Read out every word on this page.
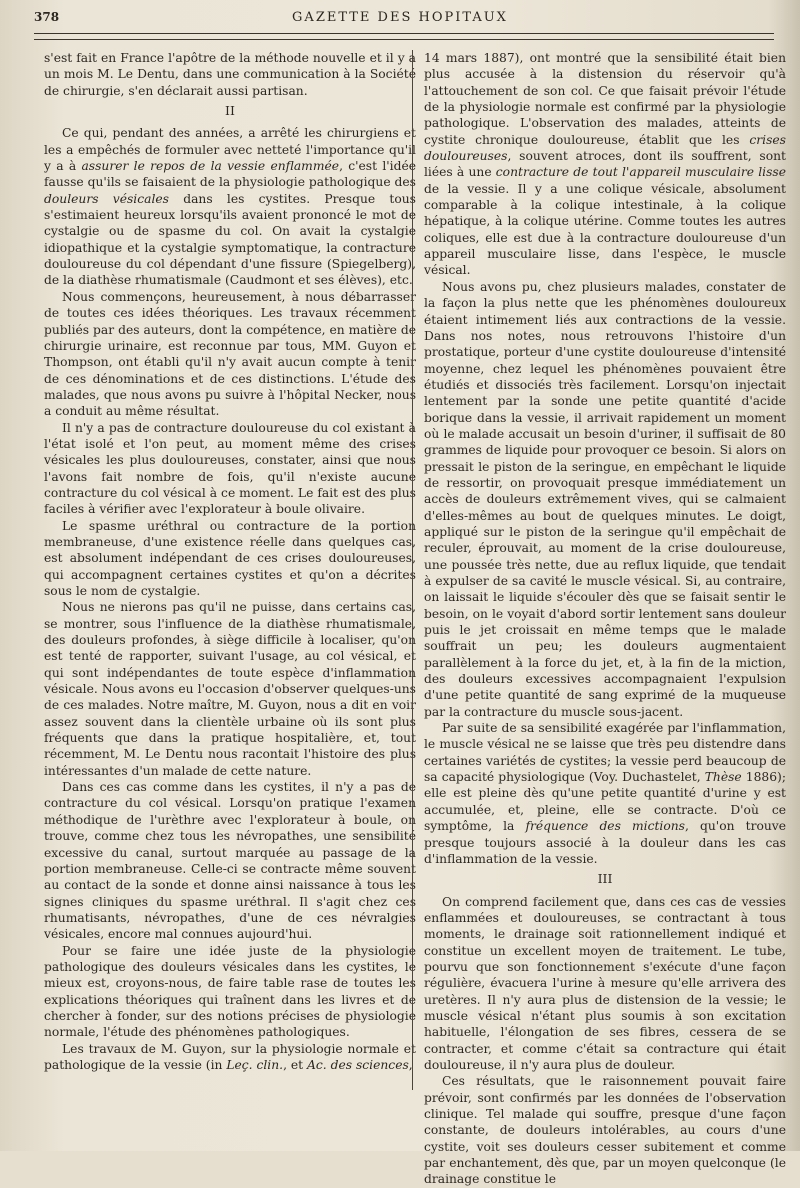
378	GAZETTE DES HOPITAUX

s'est fait en France l'apôtre de la méthode nouvelle et il y a un mois M. Le Dentu, dans une communication à la Société de chirurgie, s'en déclarait aussi partisan.

II

Ce qui, pendant des années, a arrêté les chirurgiens et les a empêchés de formuler avec netteté l'importance qu'il y a à assurer le repos de la vessie enflammée, c'est l'idée fausse qu'ils se faisaient de la physiologie pathologique des douleurs vésicales dans les cystites. Presque tous s'estimaient heureux lorsqu'ils avaient prononcé le mot de cystalgie ou de spasme du col. On avait la cystalgie idiopathique et la cystalgie symptomatique, la contracture douloureuse du col dépendant d'une fissure (Spiegelberg), de la diathèse rhumatismale (Caudmont et ses élèves), etc.

Nous commençons, heureusement, à nous débarrasser de toutes ces idées théoriques. Les travaux récemment publiés par des auteurs, dont la compétence, en matière de chirurgie urinaire, est reconnue par tous, MM. Guyon et Thompson, ont établi qu'il n'y avait aucun compte à tenir de ces dénominations et de ces distinctions. L'étude des malades, que nous avons pu suivre à l'hôpital Necker, nous a conduit au même résultat.

Il n'y a pas de contracture douloureuse du col existant à l'état isolé et l'on peut, au moment même des crises vésicales les plus douloureuses, constater, ainsi que nous l'avons fait nombre de fois, qu'il n'existe aucune contracture du col vésical à ce moment. Le fait est des plus faciles à vérifier avec l'explorateur à boule olivaire.

Le spasme uréthral ou contracture de la portion membraneuse, d'une existence réelle dans quelques cas, est absolument indépendant de ces crises douloureuses, qui accompagnent certaines cystites et qu'on a décrites sous le nom de cystalgie.

Nous ne nierons pas qu'il ne puisse, dans certains cas, se montrer, sous l'influence de la diathèse rhumatismale, des douleurs profondes, à siège difficile à localiser, qu'on est tenté de rapporter, suivant l'usage, au col vésical, et qui sont indépendantes de toute espèce d'inflammation vésicale. Nous avons eu l'occasion d'observer quelques-uns de ces malades. Notre maître, M. Guyon, nous a dit en voir assez souvent dans la clientèle urbaine où ils sont plus fréquents que dans la pratique hospitalière, et, tout récemment, M. Le Dentu nous racontait l'histoire des plus intéressantes d'un malade de cette nature.

Dans ces cas comme dans les cystites, il n'y a pas de contracture du col vésical. Lorsqu'on pratique l'examen méthodique de l'urèthre avec l'explorateur à boule, on trouve, comme chez tous les névropathes, une sensibilité excessive du canal, surtout marquée au passage de la portion membraneuse. Celle-ci se contracte même souvent au contact de la sonde et donne ainsi naissance à tous les signes cliniques du spasme uréthral. Il s'agit chez ces rhumatisants, névropathes, d'une de ces névralgies vésicales, encore mal connues aujourd'hui.

Pour se faire une idée juste de la physiologie pathologique des douleurs vésicales dans les cystites, le mieux est, croyons-nous, de faire table rase de toutes les explications théoriques qui traînent dans les livres et de chercher à fonder, sur des notions précises de physiologie normale, l'étude des phénomènes pathologiques.

Les travaux de M. Guyon, sur la physiologie normale et pathologique de la vessie (in Leç. clin., et Ac. des sciences,

14 mars 1887), ont montré que la sensibilité était bien plus accusée à la distension du réservoir qu'à l'attouchement de son col. Ce que faisait prévoir l'étude de la physiologie normale est confirmé par la physiologie pathologique. L'observation des malades, atteints de cystite chronique douloureuse, établit que les crises douloureuses, souvent atroces, dont ils souffrent, sont liées à une contracture de tout l'appareil musculaire lisse de la vessie. Il y a une colique vésicale, absolument comparable à la colique intestinale, à la colique hépatique, à la colique utérine. Comme toutes les autres coliques, elle est due à la contracture douloureuse d'un appareil musculaire lisse, dans l'espèce, le muscle vésical.

Nous avons pu, chez plusieurs malades, constater de la façon la plus nette que les phénomènes douloureux étaient intimement liés aux contractions de la vessie. Dans nos notes, nous retrouvons l'histoire d'un prostatique, porteur d'une cystite douloureuse d'intensité moyenne, chez lequel les phénomènes pouvaient être étudiés et dissociés très facilement. Lorsqu'on injectait lentement par la sonde une petite quantité d'acide borique dans la vessie, il arrivait rapidement un moment où le malade accusait un besoin d'uriner, il suffisait de 80 grammes de liquide pour provoquer ce besoin. Si alors on pressait le piston de la seringue, en empêchant le liquide de ressortir, on provoquait presque immédiatement un accès de douleurs extrêmement vives, qui se calmaient d'elles-mêmes au bout de quelques minutes. Le doigt, appliqué sur le piston de la seringue qu'il empêchait de reculer, éprouvait, au moment de la crise douloureuse, une poussée très nette, due au reflux liquide, que tendait à expulser de sa cavité le muscle vésical. Si, au contraire, on laissait le liquide s'écouler dès que se faisait sentir le besoin, on le voyait d'abord sortir lentement sans douleur puis le jet croissait en même temps que le malade souffrait un peu; les douleurs augmentaient parallèlement à la force du jet, et, à la fin de la miction, des douleurs excessives accompagnaient l'expulsion d'une petite quantité de sang exprimé de la muqueuse par la contracture du muscle sous-jacent.

Par suite de sa sensibilité exagérée par l'inflammation, le muscle vésical ne se laisse que très peu distendre dans certaines variétés de cystites; la vessie perd beaucoup de sa capacité physiologique (Voy. Duchastelet, Thèse 1886); elle est pleine dès qu'une petite quantité d'urine y est accumulée, et, pleine, elle se contracte. D'où ce symptôme, la fréquence des mictions, qu'on trouve presque toujours associé à la douleur dans les cas d'inflammation de la vessie.

III

On comprend facilement que, dans ces cas de vessies enflammées et douloureuses, se contractant à tous moments, le drainage soit rationnellement indiqué et constitue un excellent moyen de traitement. Le tube, pourvu que son fonctionnement s'exécute d'une façon régulière, évacuera l'urine à mesure qu'elle arrivera des uretères. Il n'y aura plus de distension de la vessie; le muscle vésical n'étant plus soumis à son excitation habituelle, l'élongation de ses fibres, cessera de se contracter, et comme c'était sa contracture qui était douloureuse, il n'y aura plus de douleur.

Ces résultats, que le raisonnement pouvait faire prévoir, sont confirmés par les données de l'observation clinique. Tel malade qui souffre, presque d'une façon constante, de douleurs intolérables, au cours d'une cystite, voit ses douleurs cesser subitement et comme par enchantement, dès que, par un moyen quelconque (le drainage constitue le
